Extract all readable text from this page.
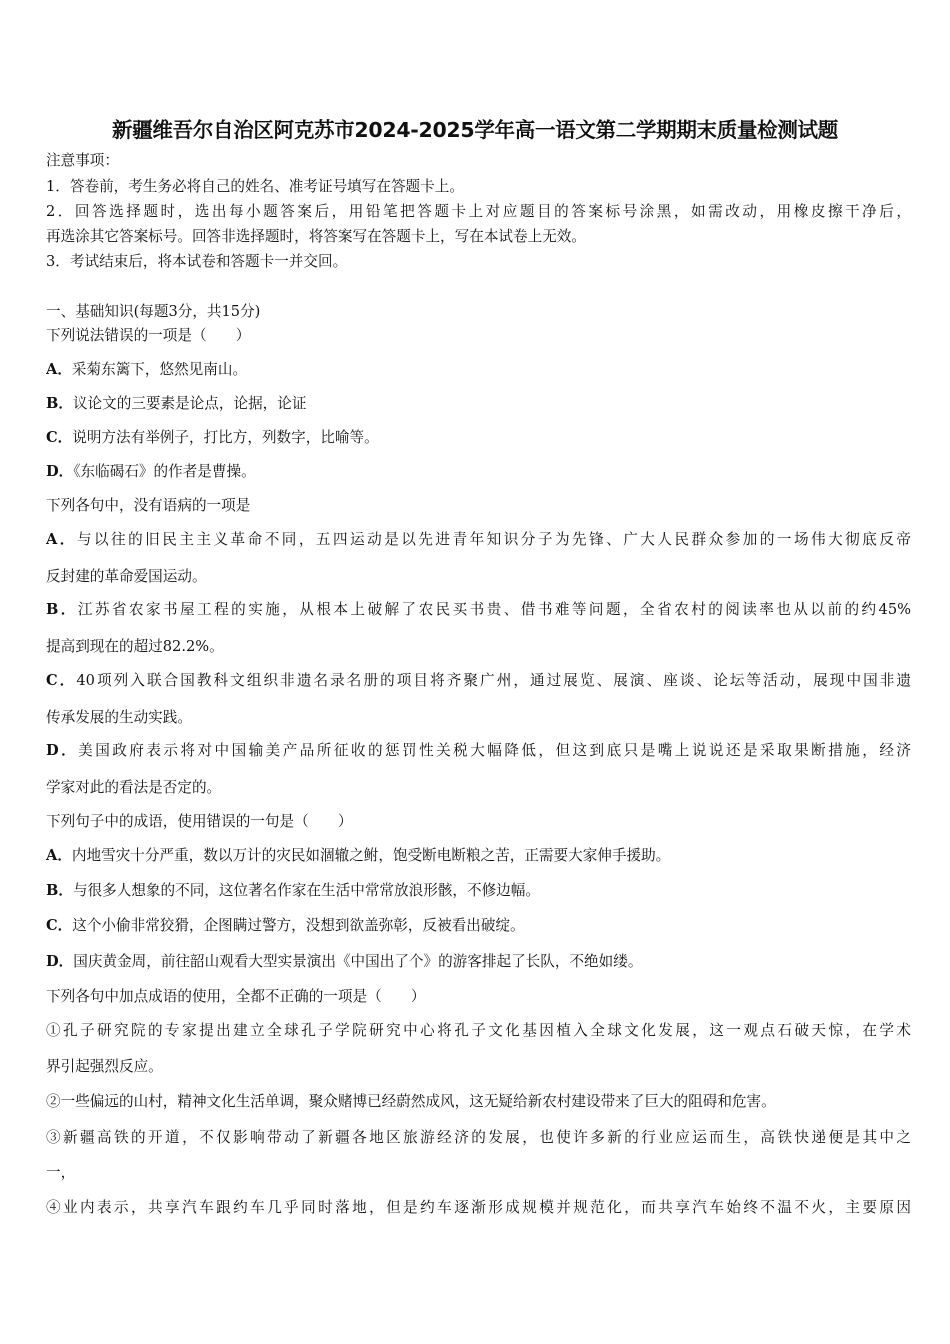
新疆维吾尔自治区阿克苏市2024-2025学年高一语文第二学期期末质量检测试题
注意事项：
1．答卷前，考生务必将自己的姓名、准考证号填写在答题卡上。
2．回答选择题时，选出每小题答案后，用铅笔把答题卡上对应题目的答案标号涂黑，如需改动，用橡皮擦干净后，
再选涂其它答案标号。回答非选择题时，将答案写在答题卡上，写在本试卷上无效。
3．考试结束后，将本试卷和答题卡一并交回。
一、基础知识(每题3分，共15分)
下列说法错误的一项是（　　）
A．采菊东篱下，悠然见南山。
B．议论文的三要素是论点，论据，论证
C．说明方法有举例子，打比方，列数字，比喻等。
D．《东临碣石》的作者是曹操。
下列各句中，没有语病的一项是
A．与以往的旧民主主义革命不同，五四运动是以先进青年知识分子为先锋、广大人民群众参加的一场伟大彻底反帝
反封建的革命爱国运动。
B．江苏省农家书屋工程的实施，从根本上破解了农民买书贵、借书难等问题，全省农村的阅读率也从以前的约45%
提高到现在的超过82.2%。
C．40项列入联合国教科文组织非遗名录名册的项目将齐聚广州，通过展览、展演、座谈、论坛等活动，展现中国非遗
传承发展的生动实践。
D．美国政府表示将对中国输美产品所征收的惩罚性关税大幅降低，但这到底只是嘴上说说还是采取果断措施，经济
学家对此的看法是否定的。
下列句子中的成语，使用错误的一句是（　　）
A．内地雪灾十分严重，数以万计的灾民如涸辙之鲋，饱受断电断粮之苦，正需要大家伸手援助。
B．与很多人想象的不同，这位著名作家在生活中常常放浪形骸，不修边幅。
C．这个小偷非常狡猾，企图瞒过警方，没想到欲盖弥彰，反被看出破绽。
D．国庆黄金周，前往韶山观看大型实景演出《中国出了个》的游客排起了长队，不绝如缕。
下列各句中加点成语的使用，全都不正确的一项是（　　）
①孔子研究院的专家提出建立全球孔子学院研究中心将孔子文化基因植入全球文化发展，这一观点石破天惊，在学术
界引起强烈反应。
②一些偏远的山村，精神文化生活单调，聚众赌博已经蔚然成风，这无疑给新农村建设带来了巨大的阻碍和危害。
③新疆高铁的开道，不仅影响带动了新疆各地区旅游经济的发展，也使许多新的行业应运而生，高铁快递便是其中之
一，
④业内表示，共享汽车跟约车几乎同时落地，但是约车逐渐形成规模并规范化，而共享汽车始终不温不火，主要原因
